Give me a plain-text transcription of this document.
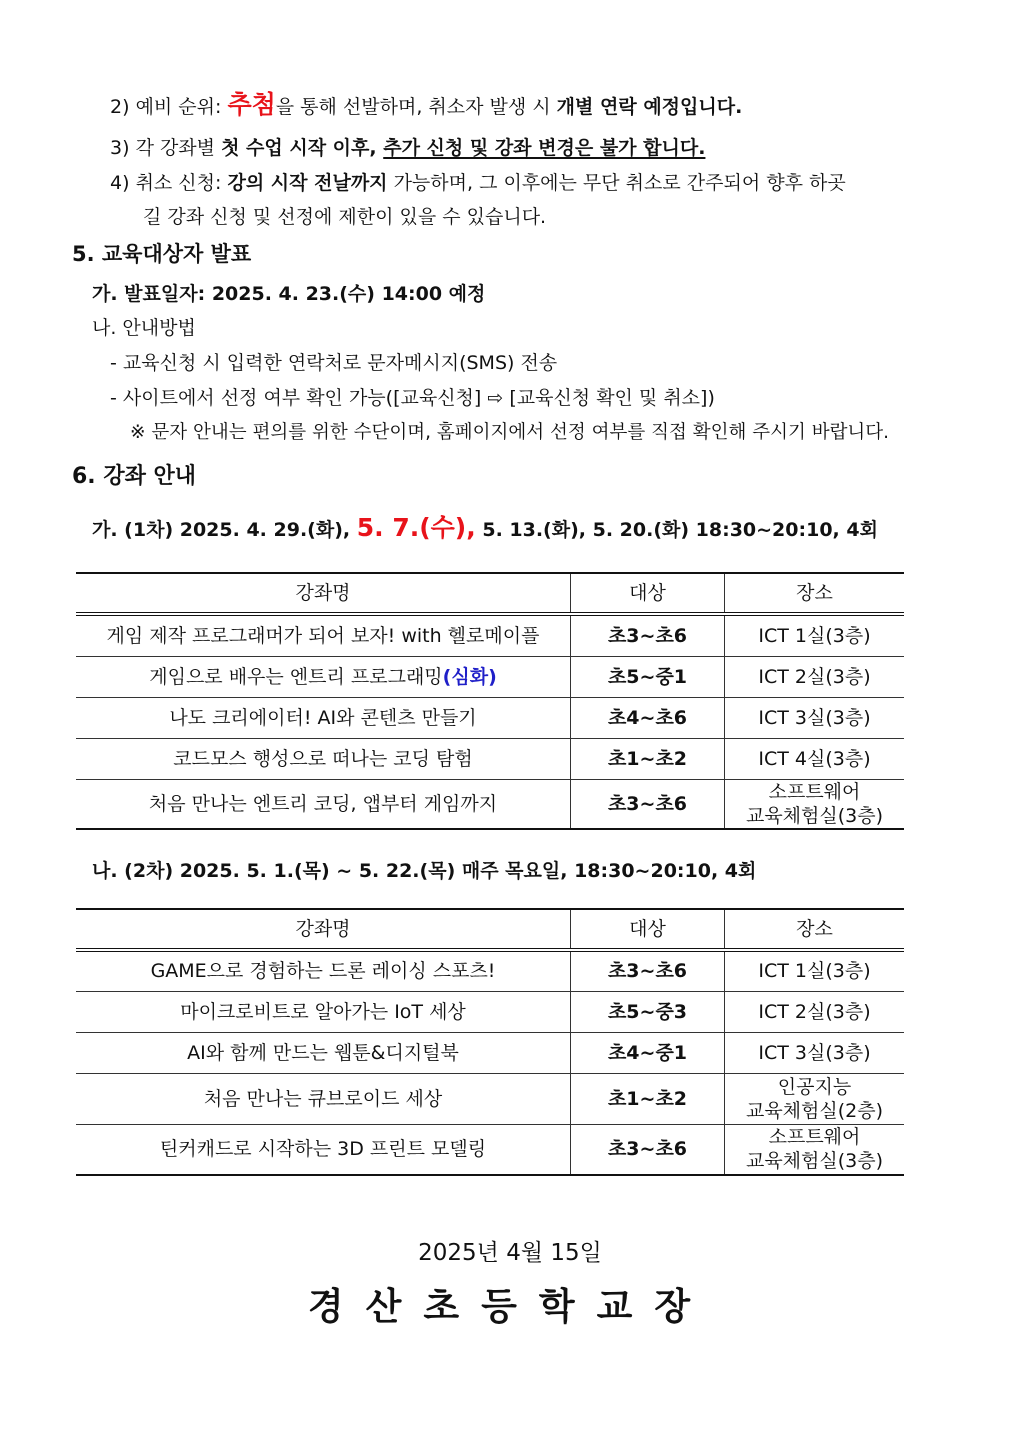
2) 예비 순위: 추첨을 통해 선발하며, 취소자 발생 시 개별 연락 예정입니다.
3) 각 강좌별 첫 수업 시작 이후, 추가 신청 및 강좌 변경은 불가 합니다.
4) 취소 신청: 강의 시작 전날까지 가능하며, 그 이후에는 무단 취소로 간주되어 향후 하곳
길 강좌 신청 및 선정에 제한이 있을 수 있습니다.
5. 교육대상자 발표
가. 발표일자: 2025. 4. 23.(수) 14:00 예정
나. 안내방법
- 교육신청 시 입력한 연락처로 문자메시지(SMS) 전송
- 사이트에서 선정 여부 확인 가능([교육신청] ⇨ [교육신청 확인 및 취소])
※ 문자 안내는 편의를 위한 수단이며, 홈페이지에서 선정 여부를 직접 확인해 주시기 바랍니다.
6. 강좌 안내
가. (1차) 2025. 4. 29.(화), 5. 7.(수), 5. 13.(화), 5. 20.(화) 18:30~20:10, 4회
강좌명	대상	장소
게임 제작 프로그래머가 되어 보자! with 헬로메이플	초3~초6	ICT 1실(3층)
게임으로 배우는 엔트리 프로그래밍(심화)	초5~중1	ICT 2실(3층)
나도 크리에이터! AI와 콘텐츠 만들기	초4~초6	ICT 3실(3층)
코드모스 행성으로 떠나는 코딩 탐험	초1~초2	ICT 4실(3층)
처음 만나는 엔트리 코딩, 앱부터 게임까지	초3~초6	소프트웨어
교육체험실(3층)
나. (2차) 2025. 5. 1.(목) ~ 5. 22.(목) 매주 목요일, 18:30~20:10, 4회
강좌명	대상	장소
GAME으로 경험하는 드론 레이싱 스포츠!	초3~초6	ICT 1실(3층)
마이크로비트로 알아가는 IoT 세상	초5~중3	ICT 2실(3층)
AI와 함께 만드는 웹툰&디지털북	초4~중1	ICT 3실(3층)
처음 만나는 큐브로이드 세상	초1~초2	인공지능
교육체험실(2층)

틴커캐드로 시작하는 3D 프린트 모델링	초3~초6	소프트웨어
교육체험실(3층)
2025년 4월 15일
경산초등학교장
